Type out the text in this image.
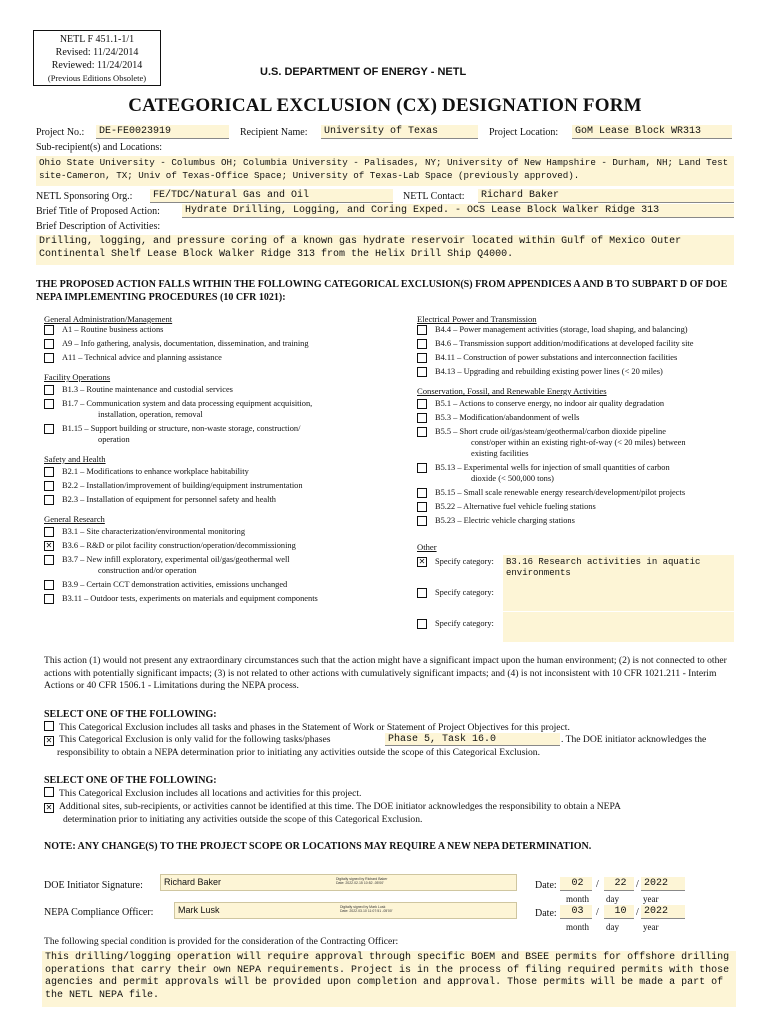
NETL F 451.1-1/1
Revised: 11/24/2014
Reviewed: 11/24/2014
(Previous Editions Obsolete)	U.S. DEPARTMENT OF ENERGY - NETL
CATEGORICAL EXCLUSION (CX) DESIGNATION FORM
Project No.:	DE-FE0023919	Recipient Name:	University of Texas	Project Location:	GoM Lease Block WR313
Sub-recipient(s) and Locations:
Ohio State University - Columbus OH; Columbia University - Palisades, NY; University of New Hampshire - Durham, NH; Land Test site-Cameron, TX; Univ of Texas-Office Space; University of Texas-Lab Space (previously approved).
NETL Sponsoring Org.:	FE/TDC/Natural Gas and Oil	NETL Contact:	Richard Baker
Brief Title of Proposed Action:	Hydrate Drilling, Logging, and Coring Exped. - OCS Lease Block Walker Ridge 313
Brief Description of Activities:
Drilling, logging, and pressure coring of a known gas hydrate reservoir located within Gulf of Mexico Outer Continental Shelf Lease Block Walker Ridge 313 from the Helix Drill Ship Q4000.
THE PROPOSED ACTION FALLS WITHIN THE FOLLOWING CATEGORICAL EXCLUSION(S) FROM APPENDICES A AND B TO SUBPART D OF DOE NEPA IMPLEMENTING PROCEDURES (10 CFR 1021):
General Administration/Management
A1 – Routine business actions
A9 – Info gathering, analysis, documentation, dissemination, and training
A11 – Technical advice and planning assistance
Facility Operations
B1.3 – Routine maintenance and custodial services
B1.7 – Communication system and data processing equipment acquisition,
installation, operation, removal
B1.15 – Support building or structure, non-waste storage, construction/
operation
Safety and Health
B2.1 – Modifications to enhance workplace habitability
B2.2 – Installation/improvement of building/equipment instrumentation
B2.3 – Installation of equipment for personnel safety and health
General Research
B3.1 – Site characterization/environmental monitoring
✕ B3.6 – R&D or pilot facility construction/operation/decommissioning
B3.7 – New infill exploratory, experimental oil/gas/geothermal well
construction and/or operation
B3.9 – Certain CCT demonstration activities, emissions unchanged
B3.11 – Outdoor tests, experiments on materials and equipment components
Electrical Power and Transmission
B4.4 – Power management activities (storage, load shaping, and balancing)
B4.6 – Transmission support addition/modifications at developed facility site
B4.11 – Construction of power substations and interconnection facilities
B4.13 – Upgrading and rebuilding existing power lines (< 20 miles)
Conservation, Fossil, and Renewable Energy Activities
B5.1 – Actions to conserve energy, no indoor air quality degradation
B5.3 – Modification/abandonment of wells
B5.5 – Short crude oil/gas/steam/geothermal/carbon dioxide pipeline
const/oper within an existing right-of-way (< 20 miles) between
existing facilities
B5.13 – Experimental wells for injection of small quantities of carbon
dioxide (< 500,000 tons)
B5.15 – Small scale renewable energy research/development/pilot projects
B5.22 – Alternative fuel vehicle fueling stations
B5.23 – Electric vehicle charging stations
Other
✕ Specify category:	B3.16 Research activities in aquatic environments
Specify category:
Specify category:
This action (1) would not present any extraordinary circumstances such that the action might have a significant impact upon the human environment; (2) is not connected to other actions with potentially significant impacts; (3) is not related to other actions with cumulatively significant impacts; and (4) is not inconsistent with 10 CFR 1021.211 - Interim Actions or 40 CFR 1506.1 - Limitations during the NEPA process.
SELECT ONE OF THE FOLLOWING:
This Categorical Exclusion includes all tasks and phases in the Statement of Work or Statement of Project Objectives for this project.
✕ This Categorical Exclusion is only valid for the following tasks/phases	Phase 5, Task 16.0	. The DOE initiator acknowledges the
responsibility to obtain a NEPA determination prior to initiating any activities outside the scope of this Categorical Exclusion.
SELECT ONE OF THE FOLLOWING:
This Categorical Exclusion includes all locations and activities for this project.
✕ Additional sites, sub-recipients, or activities cannot be identified at this time. The DOE initiator acknowledges the responsibility to obtain a NEPA
determination prior to initiating any activities outside the scope of this Categorical Exclusion.
NOTE: ANY CHANGE(S) TO THE PROJECT SCOPE OR LOCATIONS MAY REQUIRE A NEW NEPA DETERMINATION.
DOE Initiator Signature: Richard Baker	Digitally signed by Richard Baker
Date: 2022.02.15 10:52 -05'00'
NEPA Compliance Officer:	Mark Lusk	Digitally signed by Mark Lusk
Date: 2022.03.10 11:07:51 -05'00'
Date:	02	/	22 / 2022
month day	year
Date:	03	/	10 / 2022
month day	year
The following special condition is provided for the consideration of the Contracting Officer:
This drilling/logging operation will require approval through specific BOEM and BSEE permits for offshore drilling operations that carry their own NEPA requirements. Project is in the process of filing required permits with those agencies and permit approvals will be provided upon completion and approval. Those permits will be made a part of the NETL NEPA file.
